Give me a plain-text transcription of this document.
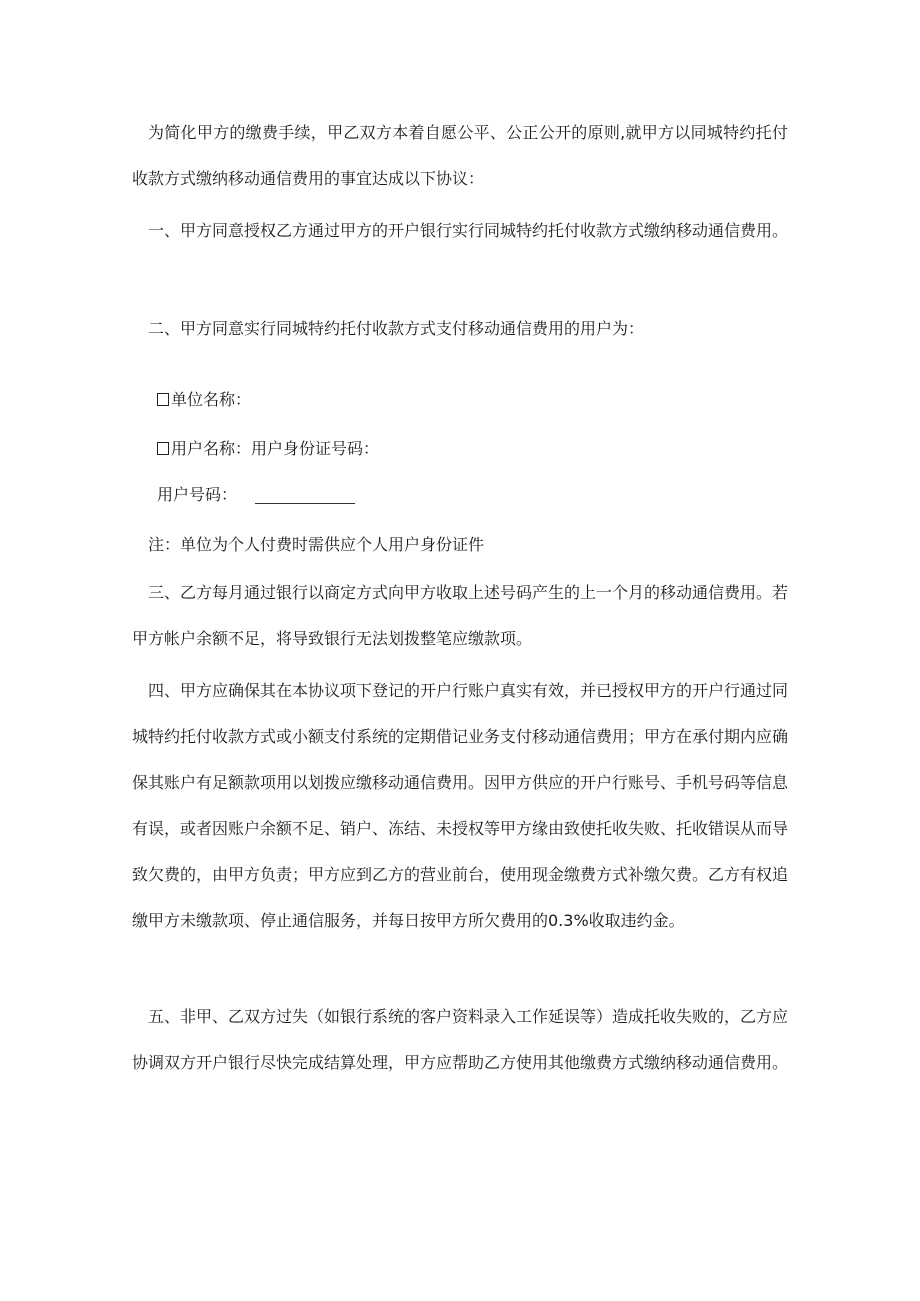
为简化甲方的缴费手续，甲乙双方本着自愿公平、公正公开的原则,就甲方以同城特约托付收款方式缴纳移动通信费用的事宜达成以下协议：

一、甲方同意授权乙方通过甲方的开户银行实行同城特约托付收款方式缴纳移动通信费用。

二、甲方同意实行同城特约托付收款方式支付移动通信费用的用户为：

单位名称：
用户名称：用户身份证号码：
用户号码：

注：单位为个人付费时需供应个人用户身份证件

三、乙方每月通过银行以商定方式向甲方收取上述号码产生的上一个月的移动通信费用。若甲方帐户余额不足，将导致银行无法划拨整笔应缴款项。

四、甲方应确保其在本协议项下登记的开户行账户真实有效，并已授权甲方的开户行通过同城特约托付收款方式或小额支付系统的定期借记业务支付移动通信费用；甲方在承付期内应确保其账户有足额款项用以划拨应缴移动通信费用。因甲方供应的开户行账号、手机号码等信息有误，或者因账户余额不足、销户、冻结、未授权等甲方缘由致使托收失败、托收错误从而导致欠费的，由甲方负责；甲方应到乙方的营业前台，使用现金缴费方式补缴欠费。乙方有权追缴甲方未缴款项、停止通信服务，并每日按甲方所欠费用的0.3%收取违约金。

五、非甲、乙双方过失（如银行系统的客户资料录入工作延误等）造成托收失败的，乙方应协调双方开户银行尽快完成结算处理，甲方应帮助乙方使用其他缴费方式缴纳移动通信费用。
